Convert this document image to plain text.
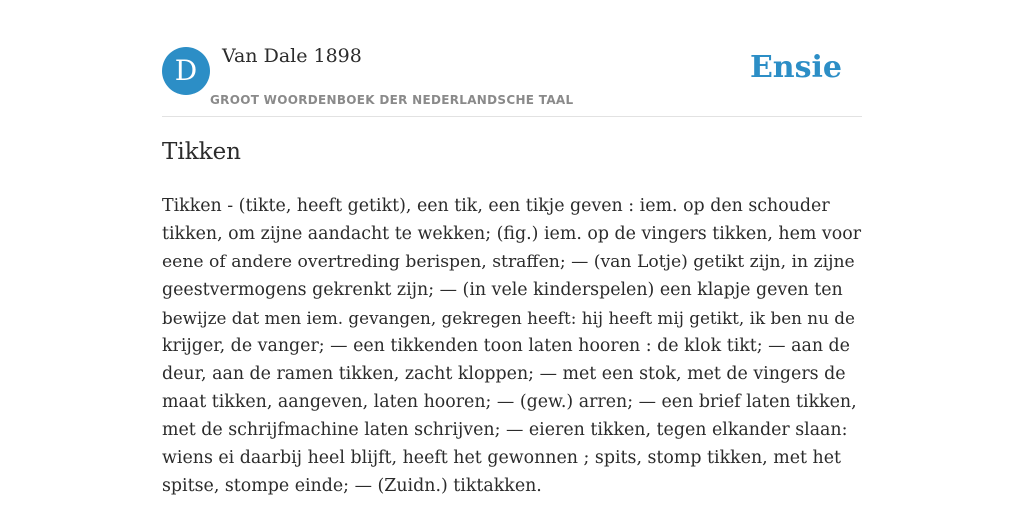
D	Van Dale 1898
GROOT WOORDENBOEK DER NEDERLANDSCHE TAAL
Ensie
Tikken
Tikken - (tikte, heeft getikt), een tik, een tikje geven : iem. op den schouder
tikken, om zijne aandacht te wekken; (fig.) iem. op de vingers tikken, hem voor
eene of andere overtreding berispen, straffen; — (van Lotje) getikt zijn, in zijne
geestvermogens gekrenkt zijn; — (in vele kinderspelen) een klapje geven ten
bewijze dat men iem. gevangen, gekregen heeft: hij heeft mij getikt, ik ben nu de
krijger, de vanger; — een tikkenden toon laten hooren : de klok tikt; — aan de
deur, aan de ramen tikken, zacht kloppen; — met een stok, met de vingers de
maat tikken, aangeven, laten hooren; — (gew.) arren; — een brief laten tikken,
met de schrijfmachine laten schrijven; — eieren tikken, tegen elkander slaan:
wiens ei daarbij heel blijft, heeft het gewonnen ; spits, stomp tikken, met het
spitse, stompe einde; — (Zuidn.) tiktakken.
